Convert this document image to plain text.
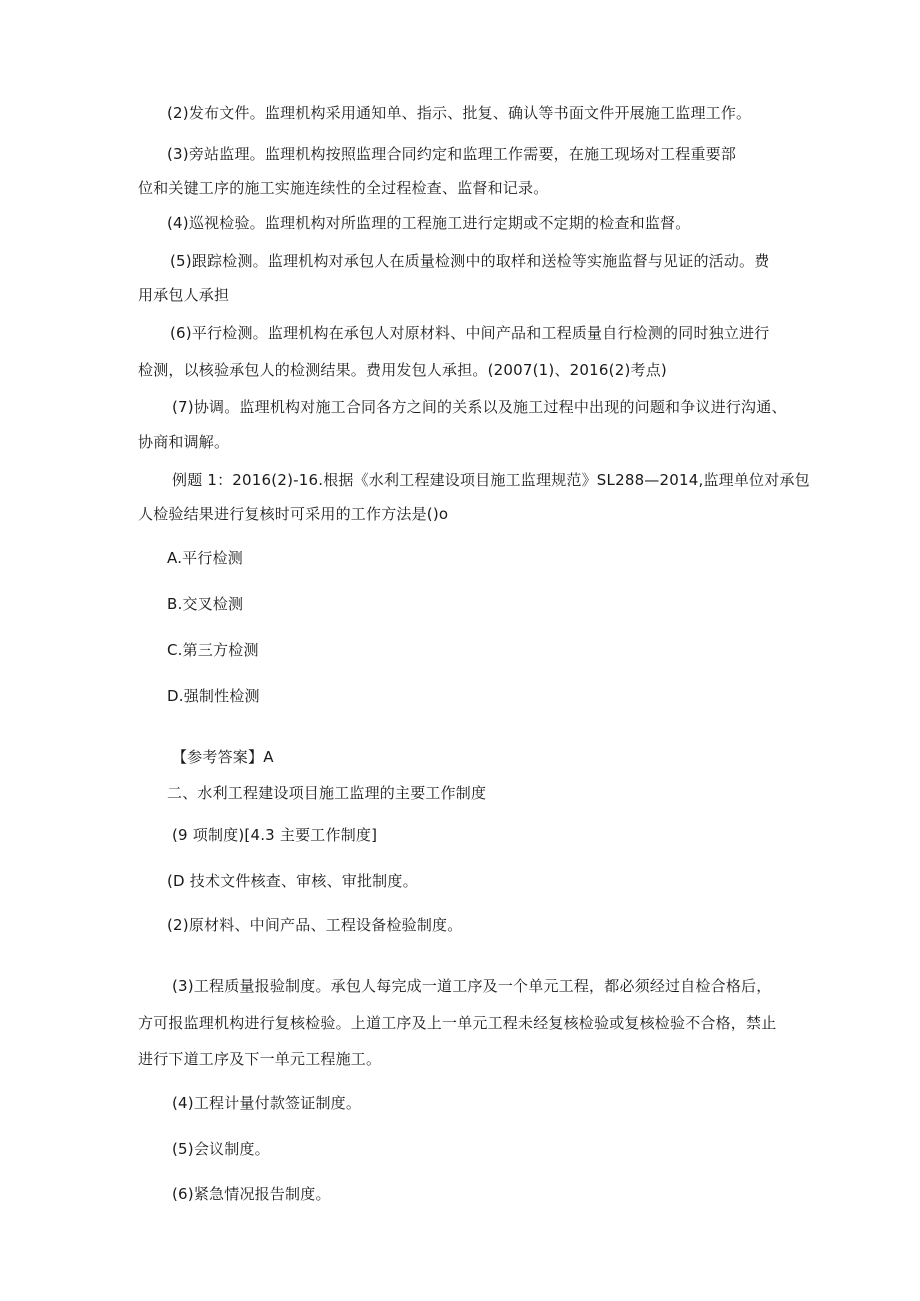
(2)发布文件。监理机构采用通知单、指示、批复、确认等书面文件开展施工监理工作。
(3)旁站监理。监理机构按照监理合同约定和监理工作需要，在施工现场对工程重要部
位和关键工序的施工实施连续性的全过程检查、监督和记录。
(4)巡视检验。监理机构对所监理的工程施工进行定期或不定期的检查和监督。
(5)跟踪检测。监理机构对承包人在质量检测中的取样和送检等实施监督与见证的活动。费
用承包人承担
(6)平行检测。监理机构在承包人对原材料、中间产品和工程质量自行检测的同时独立进行
检测，以核验承包人的检测结果。费用发包人承担。(2007(1)、2016(2)考点)
(7)协调。监理机构对施工合同各方之间的关系以及施工过程中出现的问题和争议进行沟通、
协商和调解。
例题 1：2016(2)-16.根据《水利工程建设项目施工监理规范》SL288—2014,监理单位对承包
人检验结果进行复核时可采用的工作方法是()o
A.平行检测
B.交叉检测
C.第三方检测
D.强制性检测
【参考答案】A
二、水利工程建设项目施工监理的主要工作制度
(9 项制度)[4.3 主要工作制度]
(D 技术文件核查、审核、审批制度。
(2)原材料、中间产品、工程设备检验制度。
(3)工程质量报验制度。承包人每完成一道工序及一个单元工程，都必须经过自检合格后，
方可报监理机构进行复核检验。上道工序及上一单元工程未经复核检验或复核检验不合格，禁止
进行下道工序及下一单元工程施工。
(4)工程计量付款签证制度。
(5)会议制度。
(6)紧急情况报告制度。
